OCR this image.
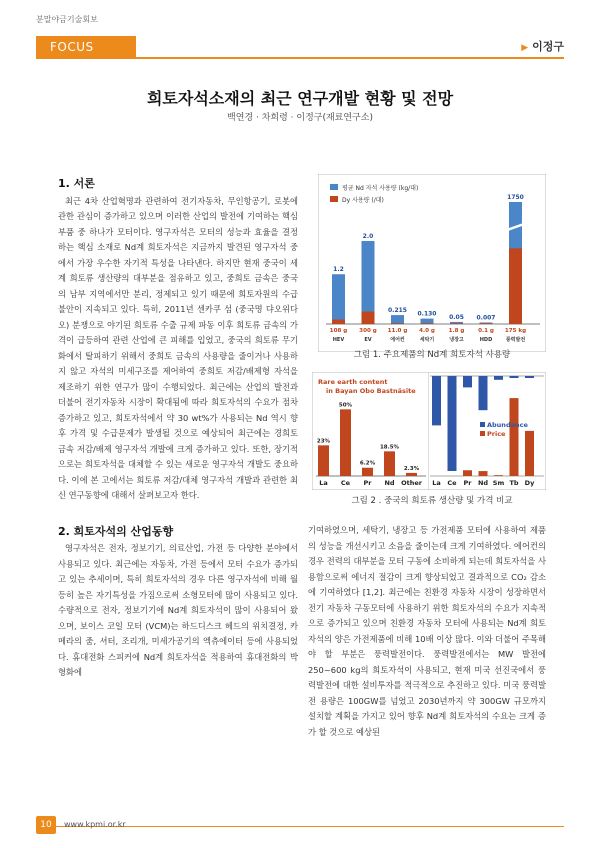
분말야금기술회보
FOCUS	▶ 이정구
희토자석소재의 최근 연구개발 현황 및 전망
백연경 · 차희령 · 이정구(재료연구소)
1. 서론

최근 4차 산업혁명과 관련하여 전기자동차, 무인항공기, 로봇에 관한 관심이 증가하고 있으며 이러한 산업의 발전에 기여하는 핵심 부품 중 하나가 모터이다. 영구자석은 모터의 성능과 효율을 결정하는 핵심 소재로 Nd계 희토자석은 지금까지 발견된 영구자석 중에서 가장 우수한 자기적 특성을 나타낸다. 하지만 현재 중국이 세계 희토류 생산량의 대부분을 점유하고 있고, 중희토 금속은 중국의 남부 지역에서만 분리, 정제되고 있기 때문에 희토자원의 수급불안이 지속되고 있다. 특히, 2011년 센카쿠 섬 (중국명 댜오위다오) 분쟁으로 야기된 희토류 수출 규제 파동 이후 희토류 금속의 가격이 급등하여 관련 산업에 큰 피해를 입었고, 중국의 희토류 무기화에서 탈피하기 위해서 중희토 금속의 사용량을 줄이거나 사용하지 않고 자석의 미세구조를 제어하여 중희토 저감/배제형 자석을 제조하기 위한 연구가 많이 수행되었다. 최근에는 산업의 발전과 더불어 전기자동차 시장이 확대됨에 따라 희토자석의 수요가 점차 증가하고 있고, 희토자석에서 약 30 wt%가 사용되는 Nd 역시 향후 가격 및 수급문제가 발생될 것으로 예상되어 최근에는 경희토 금속 저감/배제 영구자석 개발에 크게 증가하고 있다. 또한, 장기적으로는 희토자석을 대체할 수 있는 새로운 영구자석 개발도 중요하다. 이에 본 고에서는 희토류 저감/대체 영구자석 개발과 관련한 최신 연구동향에 대해서 살펴보고자 한다.

2. 희토자석의 산업동향

영구자석은 전자, 정보기기, 의료산업, 가전 등 다양한 분야에서 사용되고 있다. 최근에는 자동차, 가전 등에서 모터 수요가 증가되고 있는 추세이며, 특히 희토자석의 경우 다른 영구자석에 비해 월등히 높은 자기특성을 가짐으로써 소형모터에 많이 사용되고 있다. 수량적으로 전자, 정보기기에 Nd계 희토자석이 많이 사용되어 왔으며, 보이스 코일 모터 (VCM)는 하드디스크 헤드의 위치결정, 카메라의 줌, 셔터, 조리개, 미세가공기의 엑츄에이터 등에 사용되었다. 휴대전화 스피커에 Nd계 희토자석을 적용하여 휴대전화의 박형화에

평균 Nd 자석 사용량 (kg/대)
Dy 사용량 (/대)
1.2
108 g
HEV
2.0
300 g
EV
0.215
11.0 g
에어컨
0.130
4.0 g
세탁기
0.05
1.8 g
냉장고
0.007
0.1 g
HDD
1750
175 kg
풍력발전
그림 1. 주요제품의 Nd계 희토자석 사용량
Rare earth content
in Bayan Obo Bastnäsite
23%
La
50%
Ce
6.2%
Pr
18.5%
Nd
2.3%
Other La Ce Pr Nd Sm Tb Dy
Abundance
Price
그림 2 . 중국의 희토류 생산량 및 가격 비교

기여하였으며, 세탁기, 냉장고 등 가전제품 모터에 사용하여 제품의 성능을 개선시키고 소음을 줄이는데 크게 기여하였다. 에어컨의 경우 전력의 대부분을 모터 구동에 소비하게 되는데 희토자석을 사용함으로써 에너지 절감이 크게 향상되었고 결과적으로 CO₂ 감소에 기여하였다 [1,2]. 최근에는 친환경 자동차 시장이 성장하면서 전기 자동차 구동모터에 사용하기 위한 희토자석의 수요가 지속적으로 증가되고 있으며 친환경 자동차 모터에 사용되는 Nd계 희토자석의 양은 가전제품에 비해 10배 이상 많다. 이와 더불어 주목해야 할 부분은 풍력발전이다. 풍력발전에서는 MW 발전에 250~600 kg의 희토자석이 사용되고, 현재 미국 선진국에서 풍력발전에 대한 설비투자를 적극적으로 추진하고 있다. 미국 풍력발전 용량은 100GW를 넘었고 2030년까지 약 300GW 규모까지 설치할 계획을 가지고 있어 향후 Nd계 희토자석의 수요는 크게 증가 할 것으로 예상된

10	www.kpmi.or.kr
